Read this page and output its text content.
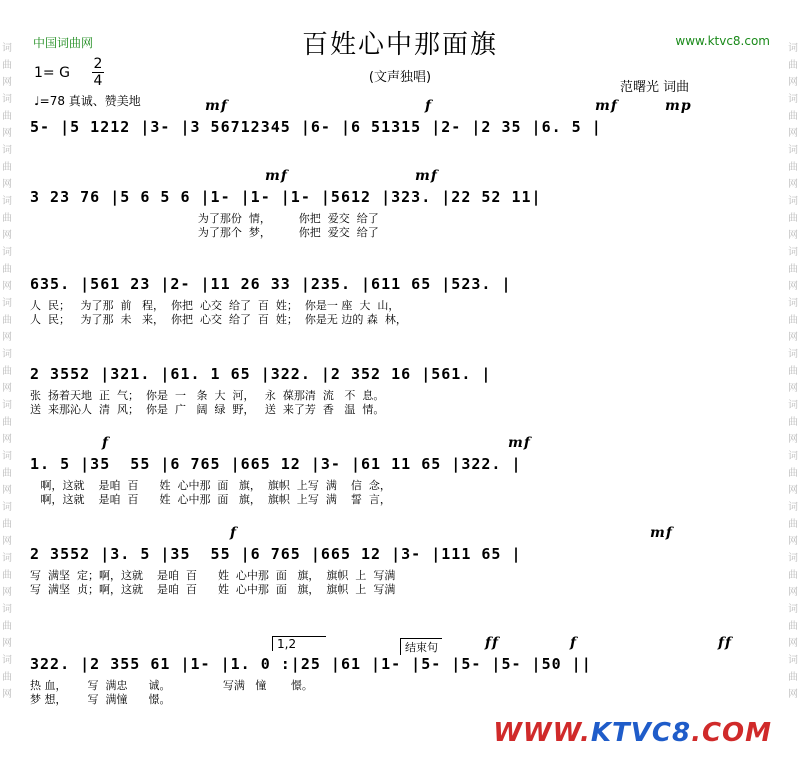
词
曲
网
词
曲
网
词
曲
网
词
曲
网
词
曲
网
词
曲
网
词
曲
网
词
曲
网
词
曲
网
词
曲
网
词
曲
网
词
曲
网
词
曲
网
词
曲
网
词
曲
网
词
曲
网
词
曲
网
词
曲
网
词
曲
网
词
曲
网
词
曲
网
词
曲
网
词
曲
网
词
曲
网
词
曲
网
词
曲
网
中国词曲网	www.ktvc8.com
百姓心中那面旗
(文声独唱)
1= G
2
4
♩=78 真诚、赞美地
范曙光 词曲
5- |5 1212 |3- |3 56712345 |6- |6 51315 |2- |2 35 |6. 5 |
mf	f	mf	mp
3 23 76 |5 6 5 6 |1- |1- |1- |5612 |323. |22 52 11|
mf	mf
为了那份  情，        你把  爱交  给了
为了那个  梦，        你把  爱交  给了
635. |561 23 |2- |11 26 33 |235. |611 65 |523. |
人  民；   为了那  前   程，  你把  心交  给了  百  姓；  你是一 座  大  山，
人  民；   为了那  未   来，  你把  心交  给了  百  姓；  你是无 边的 森  林，
2 3552 |321. |61. 1 65 |322. |2 352 16 |561. |
张  扬着天地  正  气；  你是  一   条  大  河，   永  葆那清  流   不  息。
送  来那沁人  清  风；  你是  广   阔  绿  野，   送  来了芳  香   温  情。
1. 5 |35  55 |6 765 |665 12 |3- |61 11 65 |322. |
f	mf
啊，这就    是咱  百      姓  心中那  面   旗，  旗帜  上写  满    信  念，
啊，这就    是咱  百      姓  心中那  面   旗，  旗帜  上写  满    誓  言，
2 3552 |3. 5 |35  55 |6 765 |665 12 |3- |111 65 |
f	mf
写  满坚  定；啊，这就    是咱  百      姓  心中那  面   旗，  旗帜  上  写满
写  满坚  贞；啊，这就    是咱  百      姓  心中那  面   旗，  旗帜  上  写满
322. |2 355 61 |1- |1. 0 :|25 |61 |1- |5- |5- |5- |50 ||
ff	f	ff
热 血，      写  满忠      诚。               写满   憧       憬。
梦 想，      写  满憧      憬。
结束句
1,2
WWW.KTVC8.COM
